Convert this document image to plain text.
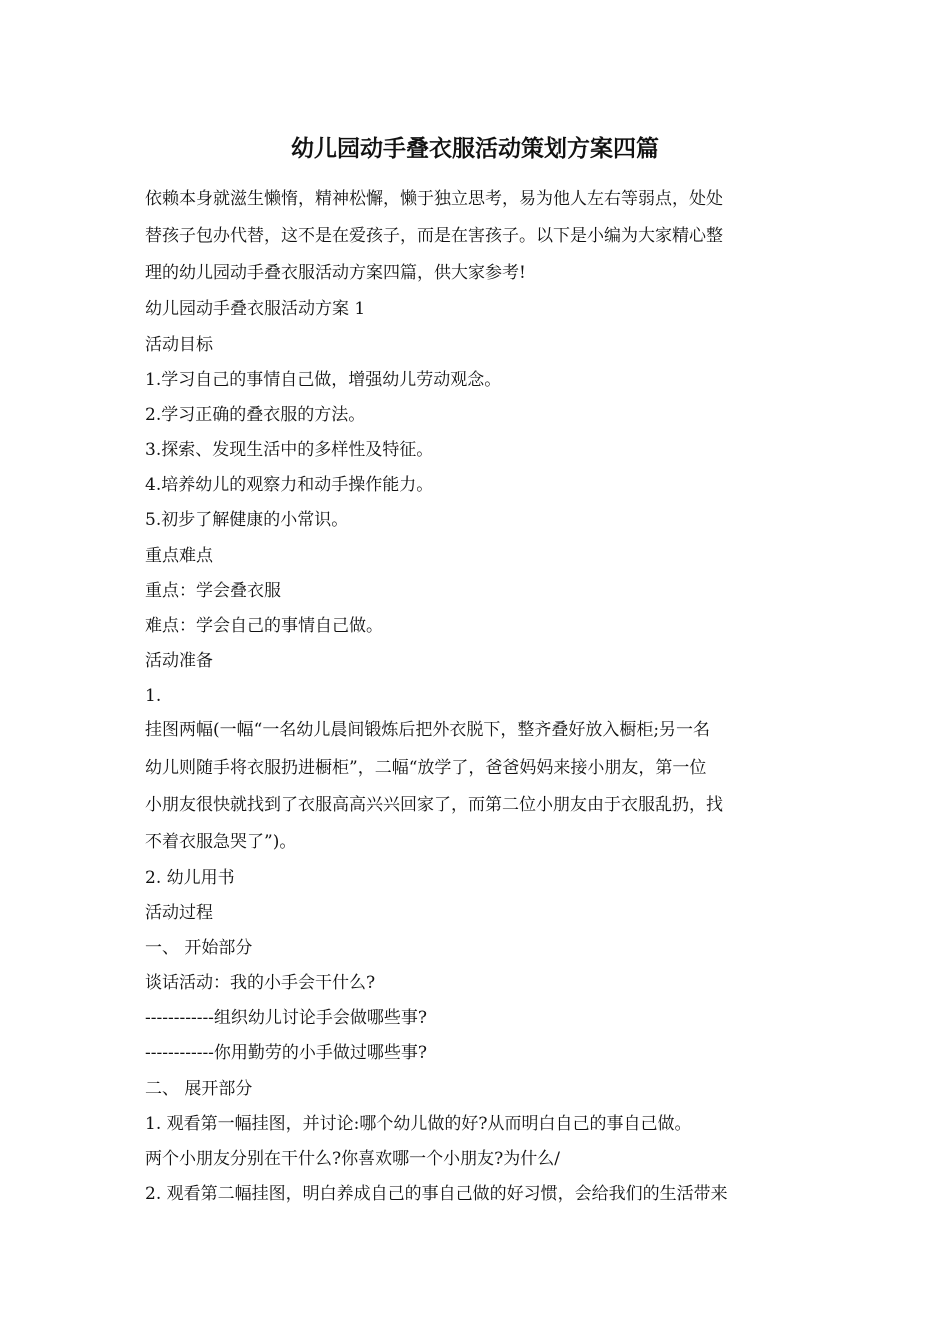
幼儿园动手叠衣服活动策划方案四篇
依赖本身就滋生懒惰，精神松懈，懒于独立思考，易为他人左右等弱点，处处
替孩子包办代替，这不是在爱孩子，而是在害孩子。以下是小编为大家精心整
理的幼儿园动手叠衣服活动方案四篇，供大家参考!
幼儿园动手叠衣服活动方案 1
活动目标
1.学习自己的事情自己做，增强幼儿劳动观念。
2.学习正确的叠衣服的方法。
3.探索、发现生活中的多样性及特征。
4.培养幼儿的观察力和动手操作能力。
5.初步了解健康的小常识。
重点难点
重点：学会叠衣服
难点：学会自己的事情自己做。
活动准备
1.
挂图两幅(一幅“一名幼儿晨间锻炼后把外衣脱下，整齐叠好放入橱柜;另一名
幼儿则随手将衣服扔进橱柜”，二幅“放学了，爸爸妈妈来接小朋友，第一位
小朋友很快就找到了衣服高高兴兴回家了，而第二位小朋友由于衣服乱扔，找
不着衣服急哭了”)。
2. 幼儿用书
活动过程
一、 开始部分
谈话活动：我的小手会干什么?
------------组织幼儿讨论手会做哪些事?
------------你用勤劳的小手做过哪些事?
二、 展开部分
1. 观看第一幅挂图，并讨论:哪个幼儿做的好?从而明白自己的事自己做。
两个小朋友分别在干什么?你喜欢哪一个小朋友?为什么/
2. 观看第二幅挂图，明白养成自己的事自己做的好习惯，会给我们的生活带来
